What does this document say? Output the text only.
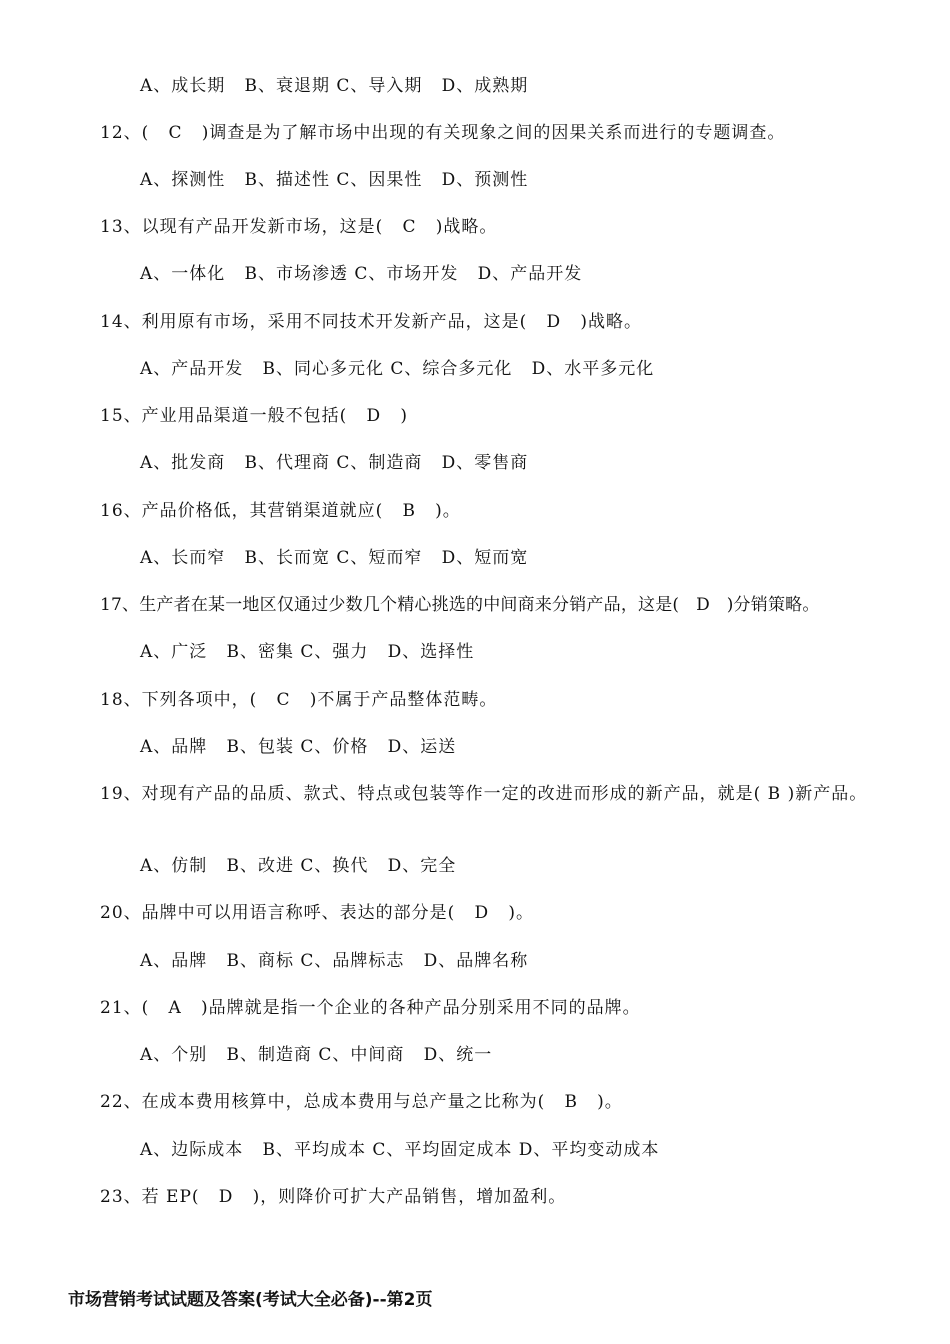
A、成长期   B、衰退期 C、导入期   D、成熟期
12、(   C   )调查是为了解市场中出现的有关现象之间的因果关系而进行的专题调查。
A、探测性   B、描述性 C、因果性   D、预测性
13、以现有产品开发新市场，这是(   C   )战略。
A、一体化   B、市场渗透 C、市场开发   D、产品开发
14、利用原有市场，采用不同技术开发新产品，这是(   D   )战略。
A、产品开发   B、同心多元化 C、综合多元化   D、水平多元化
15、产业用品渠道一般不包括(   D   )
A、批发商   B、代理商 C、制造商   D、零售商
16、产品价格低，其营销渠道就应(   B   )。
A、长而窄   B、长而宽 C、短而窄   D、短而宽
17、生产者在某一地区仅通过少数几个精心挑选的中间商来分销产品，这是(   D   )分销策略。
A、广泛   B、密集 C、强力   D、选择性
18、下列各项中，(   C   )不属于产品整体范畴。
A、品牌   B、包装 C、价格   D、运送
19、对现有产品的品质、款式、特点或包装等作一定的改进而形成的新产品，就是( B )新产品。
A、仿制   B、改进 C、换代   D、完全
20、品牌中可以用语言称呼、表达的部分是(   D   )。
A、品牌   B、商标 C、品牌标志   D、品牌名称
21、(   A   )品牌就是指一个企业的各种产品分别采用不同的品牌。
A、个别   B、制造商 C、中间商   D、统一
22、在成本费用核算中，总成本费用与总产量之比称为(   B   )。
A、边际成本   B、平均成本 C、平均固定成本 D、平均变动成本
23、若 EP(   D   )，则降价可扩大产品销售，增加盈利。
市场营销考试试题及答案(考试大全必备)--第2页
